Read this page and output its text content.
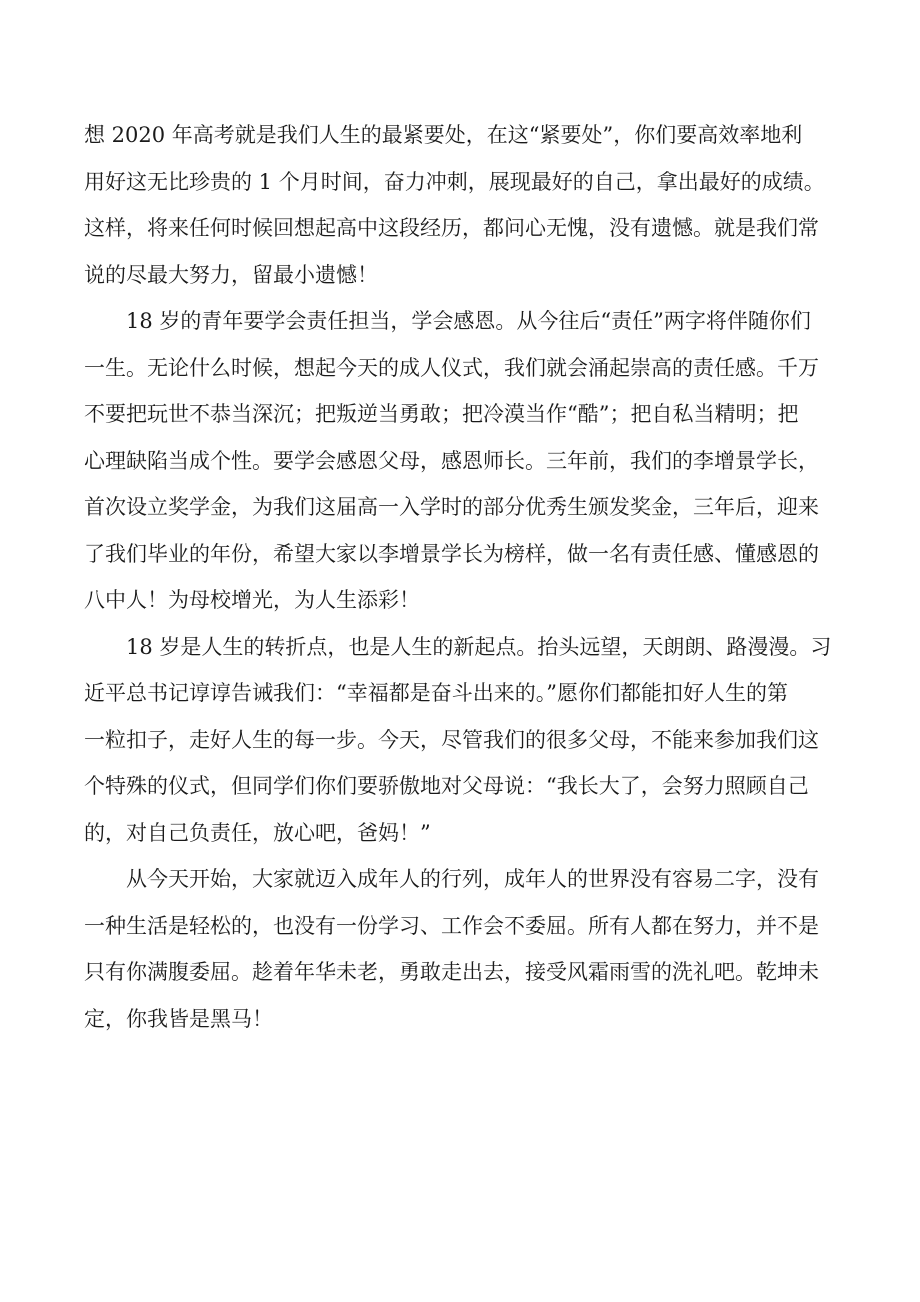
想 2020 年高考就是我们人生的最紧要处，在这“紧要处”，你们要高效率地利
用好这无比珍贵的 1 个月时间，奋力冲刺，展现最好的自己，拿出最好的成绩。
这样，将来任何时候回想起高中这段经历，都问心无愧，没有遗憾。就是我们常
说的尽最大努力，留最小遗憾！

18 岁的青年要学会责任担当，学会感恩。从今往后“责任”两字将伴随你们
一生。无论什么时候，想起今天的成人仪式，我们就会涌起崇高的责任感。千万
不要把玩世不恭当深沉；把叛逆当勇敢；把冷漠当作“酷”；把自私当精明；把
心理缺陷当成个性。要学会感恩父母，感恩师长。三年前，我们的李增景学长，
首次设立奖学金，为我们这届高一入学时的部分优秀生颁发奖金，三年后，迎来
了我们毕业的年份，希望大家以李增景学长为榜样，做一名有责任感、懂感恩的
八中人！为母校增光，为人生添彩！

18 岁是人生的转折点，也是人生的新起点。抬头远望，天朗朗、路漫漫。习
近平总书记谆谆告诫我们：“幸福都是奋斗出来的。”愿你们都能扣好人生的第
一粒扣子，走好人生的每一步。今天，尽管我们的很多父母，不能来参加我们这
个特殊的仪式，但同学们你们要骄傲地对父母说：“我长大了，会努力照顾自己
的，对自己负责任，放心吧，爸妈！”

从今天开始，大家就迈入成年人的行列，成年人的世界没有容易二字，没有
一种生活是轻松的，也没有一份学习、工作会不委屈。所有人都在努力，并不是
只有你满腹委屈。趁着年华未老，勇敢走出去，接受风霜雨雪的洗礼吧。乾坤未
定，你我皆是黑马！
